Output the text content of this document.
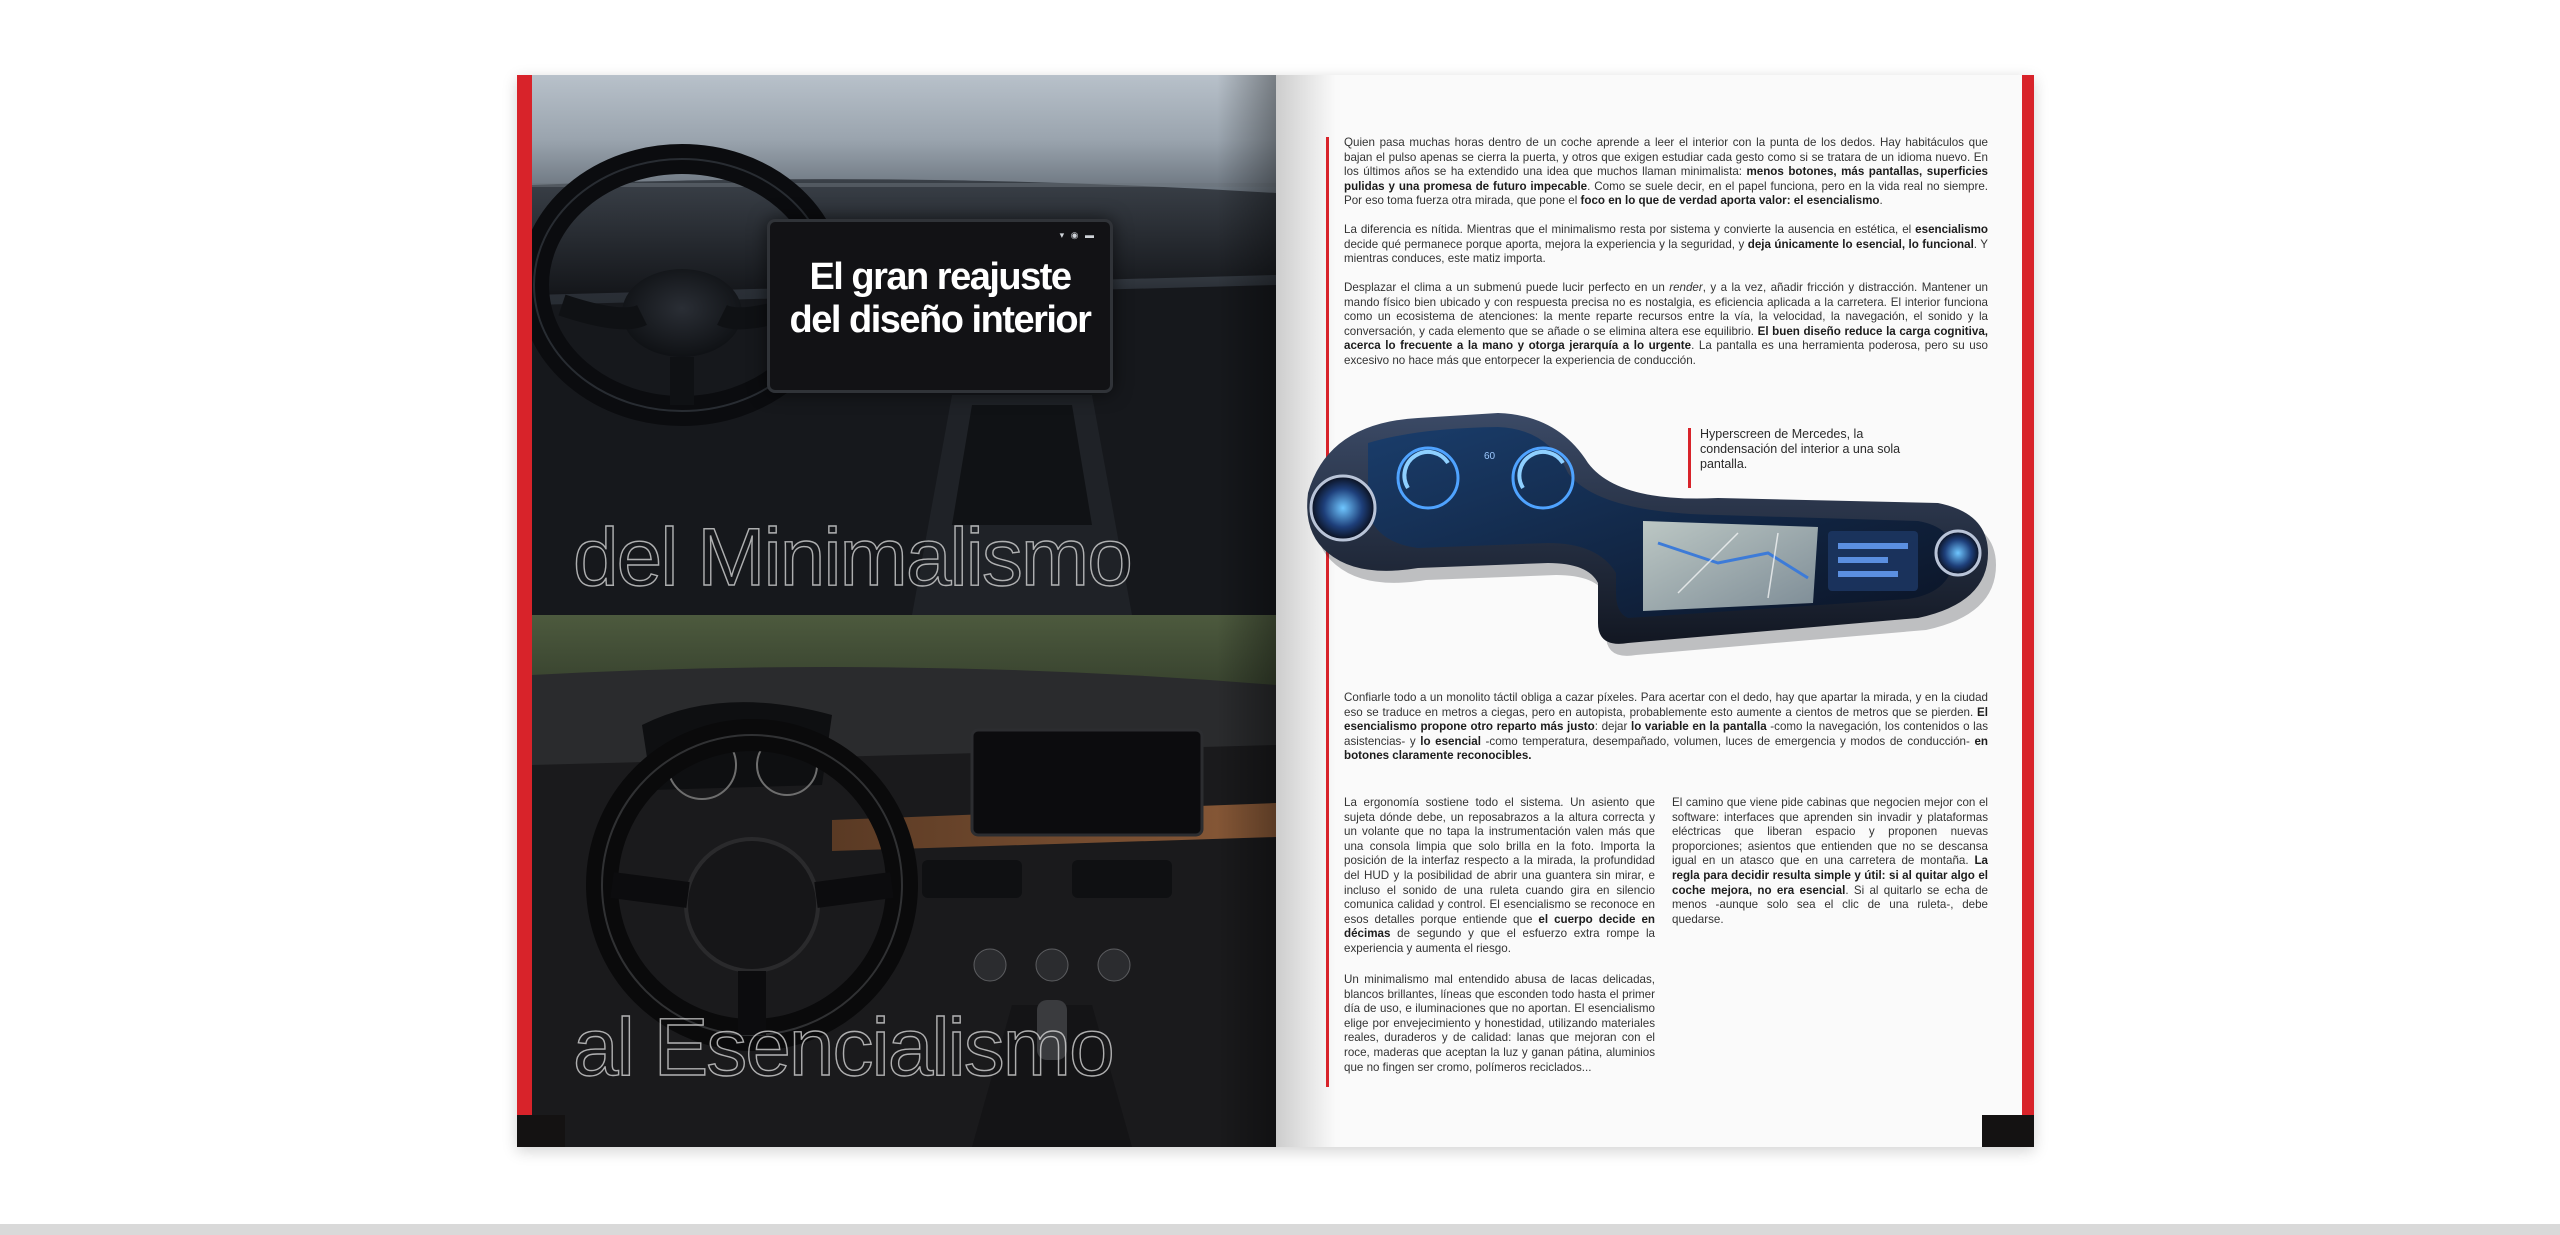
▾ ◉ ▬
El gran reajuste
del diseño interior
del Minimalismo
al Esencialismo
Quien pasa muchas horas dentro de un coche aprende a leer el interior con la punta de los dedos. Hay habitáculos que bajan el pulso apenas se cierra la puerta, y otros que exigen estudiar cada gesto como si se tratara de un idioma nuevo. En los últimos años se ha extendido una idea que muchos llaman minimalista: menos botones, más pantallas, superficies pulidas y una promesa de futuro impecable. Como se suele decir, en el papel funciona, pero en la vida real no siempre. Por eso toma fuerza otra mirada, que pone el foco en lo que de verdad aporta valor: el esencialismo.
La diferencia es nítida. Mientras que el minimalismo resta por sistema y convierte la ausencia en estética, el esencialismo decide qué permanece porque aporta, mejora la experiencia y la seguridad, y deja únicamente lo esencial, lo funcional. Y mientras conduces, este matiz importa.
Desplazar el clima a un submenú puede lucir perfecto en un render, y a la vez, añadir fricción y distracción. Mantener un mando físico bien ubicado y con respuesta precisa no es nostalgia, es eficiencia aplicada a la carretera. El interior funciona como un ecosistema de atenciones: la mente reparte recursos entre la vía, la velocidad, la navegación, el sonido y la conversación, y cada elemento que se añade o se elimina altera ese equilibrio. El buen diseño reduce la carga cognitiva, acerca lo frecuente a la mano y otorga jerarquía a lo urgente. La pantalla es una herramienta poderosa, pero su uso excesivo no hace más que entorpecer la experiencia de conducción.
60
Hyperscreen de Mercedes, la condensación del interior a una sola pantalla.
Confiarle todo a un monolito táctil obliga a cazar píxeles. Para acertar con el dedo, hay que apartar la mirada, y en la ciudad eso se traduce en metros a ciegas, pero en autopista, probablemente esto aumente a cientos de metros que se pierden. El esencialismo propone otro reparto más justo: dejar lo variable en la pantalla -como la navegación, los contenidos o las asistencias- y lo esencial -como temperatura, desempañado, volumen, luces de emergencia y modos de conducción- en botones claramente reconocibles.
La ergonomía sostiene todo el sistema. Un asiento que sujeta dónde debe, un reposabrazos a la altura correcta y un volante que no tapa la instrumentación valen más que una consola limpia que solo brilla en la foto. Importa la posición de la interfaz respecto a la mirada, la profundidad del HUD y la posibilidad de abrir una guantera sin mirar, e incluso el sonido de una ruleta cuando gira en silencio comunica calidad y control. El esencialismo se reconoce en esos detalles porque entiende que el cuerpo decide en décimas de segundo y que el esfuerzo extra rompe la experiencia y aumenta el riesgo.
Un minimalismo mal entendido abusa de lacas delicadas, blancos brillantes, líneas que esconden todo hasta el primer día de uso, e iluminaciones que no aportan. El esencialismo elige por envejecimiento y honestidad, utilizando materiales reales, duraderos y de calidad: lanas que mejoran con el roce, maderas que aceptan la luz y ganan pátina, aluminios que no fingen ser cromo, polímeros reciclados...
El camino que viene pide cabinas que negocien mejor con el software: interfaces que aprenden sin invadir y plataformas eléctricas que liberan espacio y proponen nuevas proporciones; asientos que entienden que no se descansa igual en un atasco que en una carretera de montaña. La regla para decidir resulta simple y útil: si al quitar algo el coche mejora, no era esencial. Si al quitarlo se echa de menos -aunque solo sea el clic de una ruleta-, debe quedarse.
